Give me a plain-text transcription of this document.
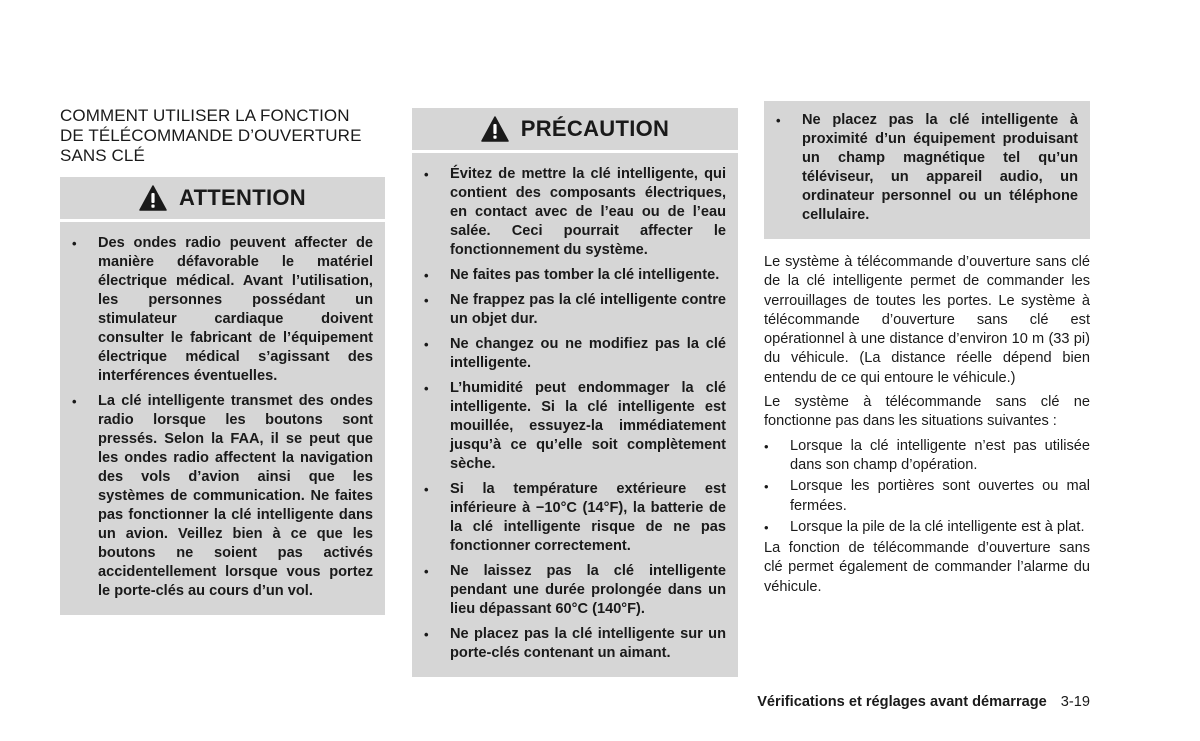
COMMENT UTILISER LA FONCTION
DE TÉLÉCOMMANDE D’OUVERTURE
SANS CLÉ
ATTENTION
• Des ondes radio peuvent affecter de manière défavorable le matériel électrique médical. Avant l’utilisation, les personnes possédant un stimulateur cardiaque doivent consulter le fabricant de l’équipement électrique médical s’agissant des interférences éventuelles.
• La clé intelligente transmet des ondes radio lorsque les boutons sont pressés. Selon la FAA, il se peut que les ondes radio affectent la navigation des vols d’avion ainsi que les systèmes de communication. Ne faites pas fonctionner la clé intelligente dans un avion. Veillez bien à ce que les boutons ne soient pas activés accidentellement lorsque vous portez le porte-clés au cours d’un vol.
PRÉCAUTION
• Évitez de mettre la clé intelligente, qui contient des composants électriques, en contact avec de l’eau ou de l’eau salée. Ceci pourrait affecter le fonctionnement du système.
• Ne faites pas tomber la clé intelligente.
• Ne frappez pas la clé intelligente contre un objet dur.
• Ne changez ou ne modifiez pas la clé intelligente.
• L’humidité peut endommager la clé intelligente. Si la clé intelligente est mouillée, essuyez-la immédiatement jusqu’à ce qu’elle soit complètement sèche.
• Si la température extérieure est inférieure à −10°C (14°F), la batterie de la clé intelligente risque de ne pas fonctionner correctement.
• Ne laissez pas la clé intelligente pendant une durée prolongée dans un lieu dépassant 60°C (140°F).
• Ne placez pas la clé intelligente sur un porte-clés contenant un aimant.
• Ne placez pas la clé intelligente à proximité d’un équipement produisant un champ magnétique tel qu’un téléviseur, un appareil audio, un ordinateur personnel ou un téléphone cellulaire.

Le système à télécommande d’ouverture sans clé de la clé intelligente permet de commander les verrouillages de toutes les portes. Le système à télécommande d’ouverture sans clé est opérationnel à une distance d’environ 10 m (33 pi) du véhicule. (La distance réelle dépend bien entendu de ce qui entoure le véhicule.)

Le système à télécommande sans clé ne fonctionne pas dans les situations suivantes :

• Lorsque la clé intelligente n’est pas utilisée dans son champ d’opération.
• Lorsque les portières sont ouvertes ou mal fermées.
• Lorsque la pile de la clé intelligente est à plat.

La fonction de télécommande d’ouverture sans clé permet également de commander l’alarme du véhicule.

Vérifications et réglages avant démarrage 3-19
